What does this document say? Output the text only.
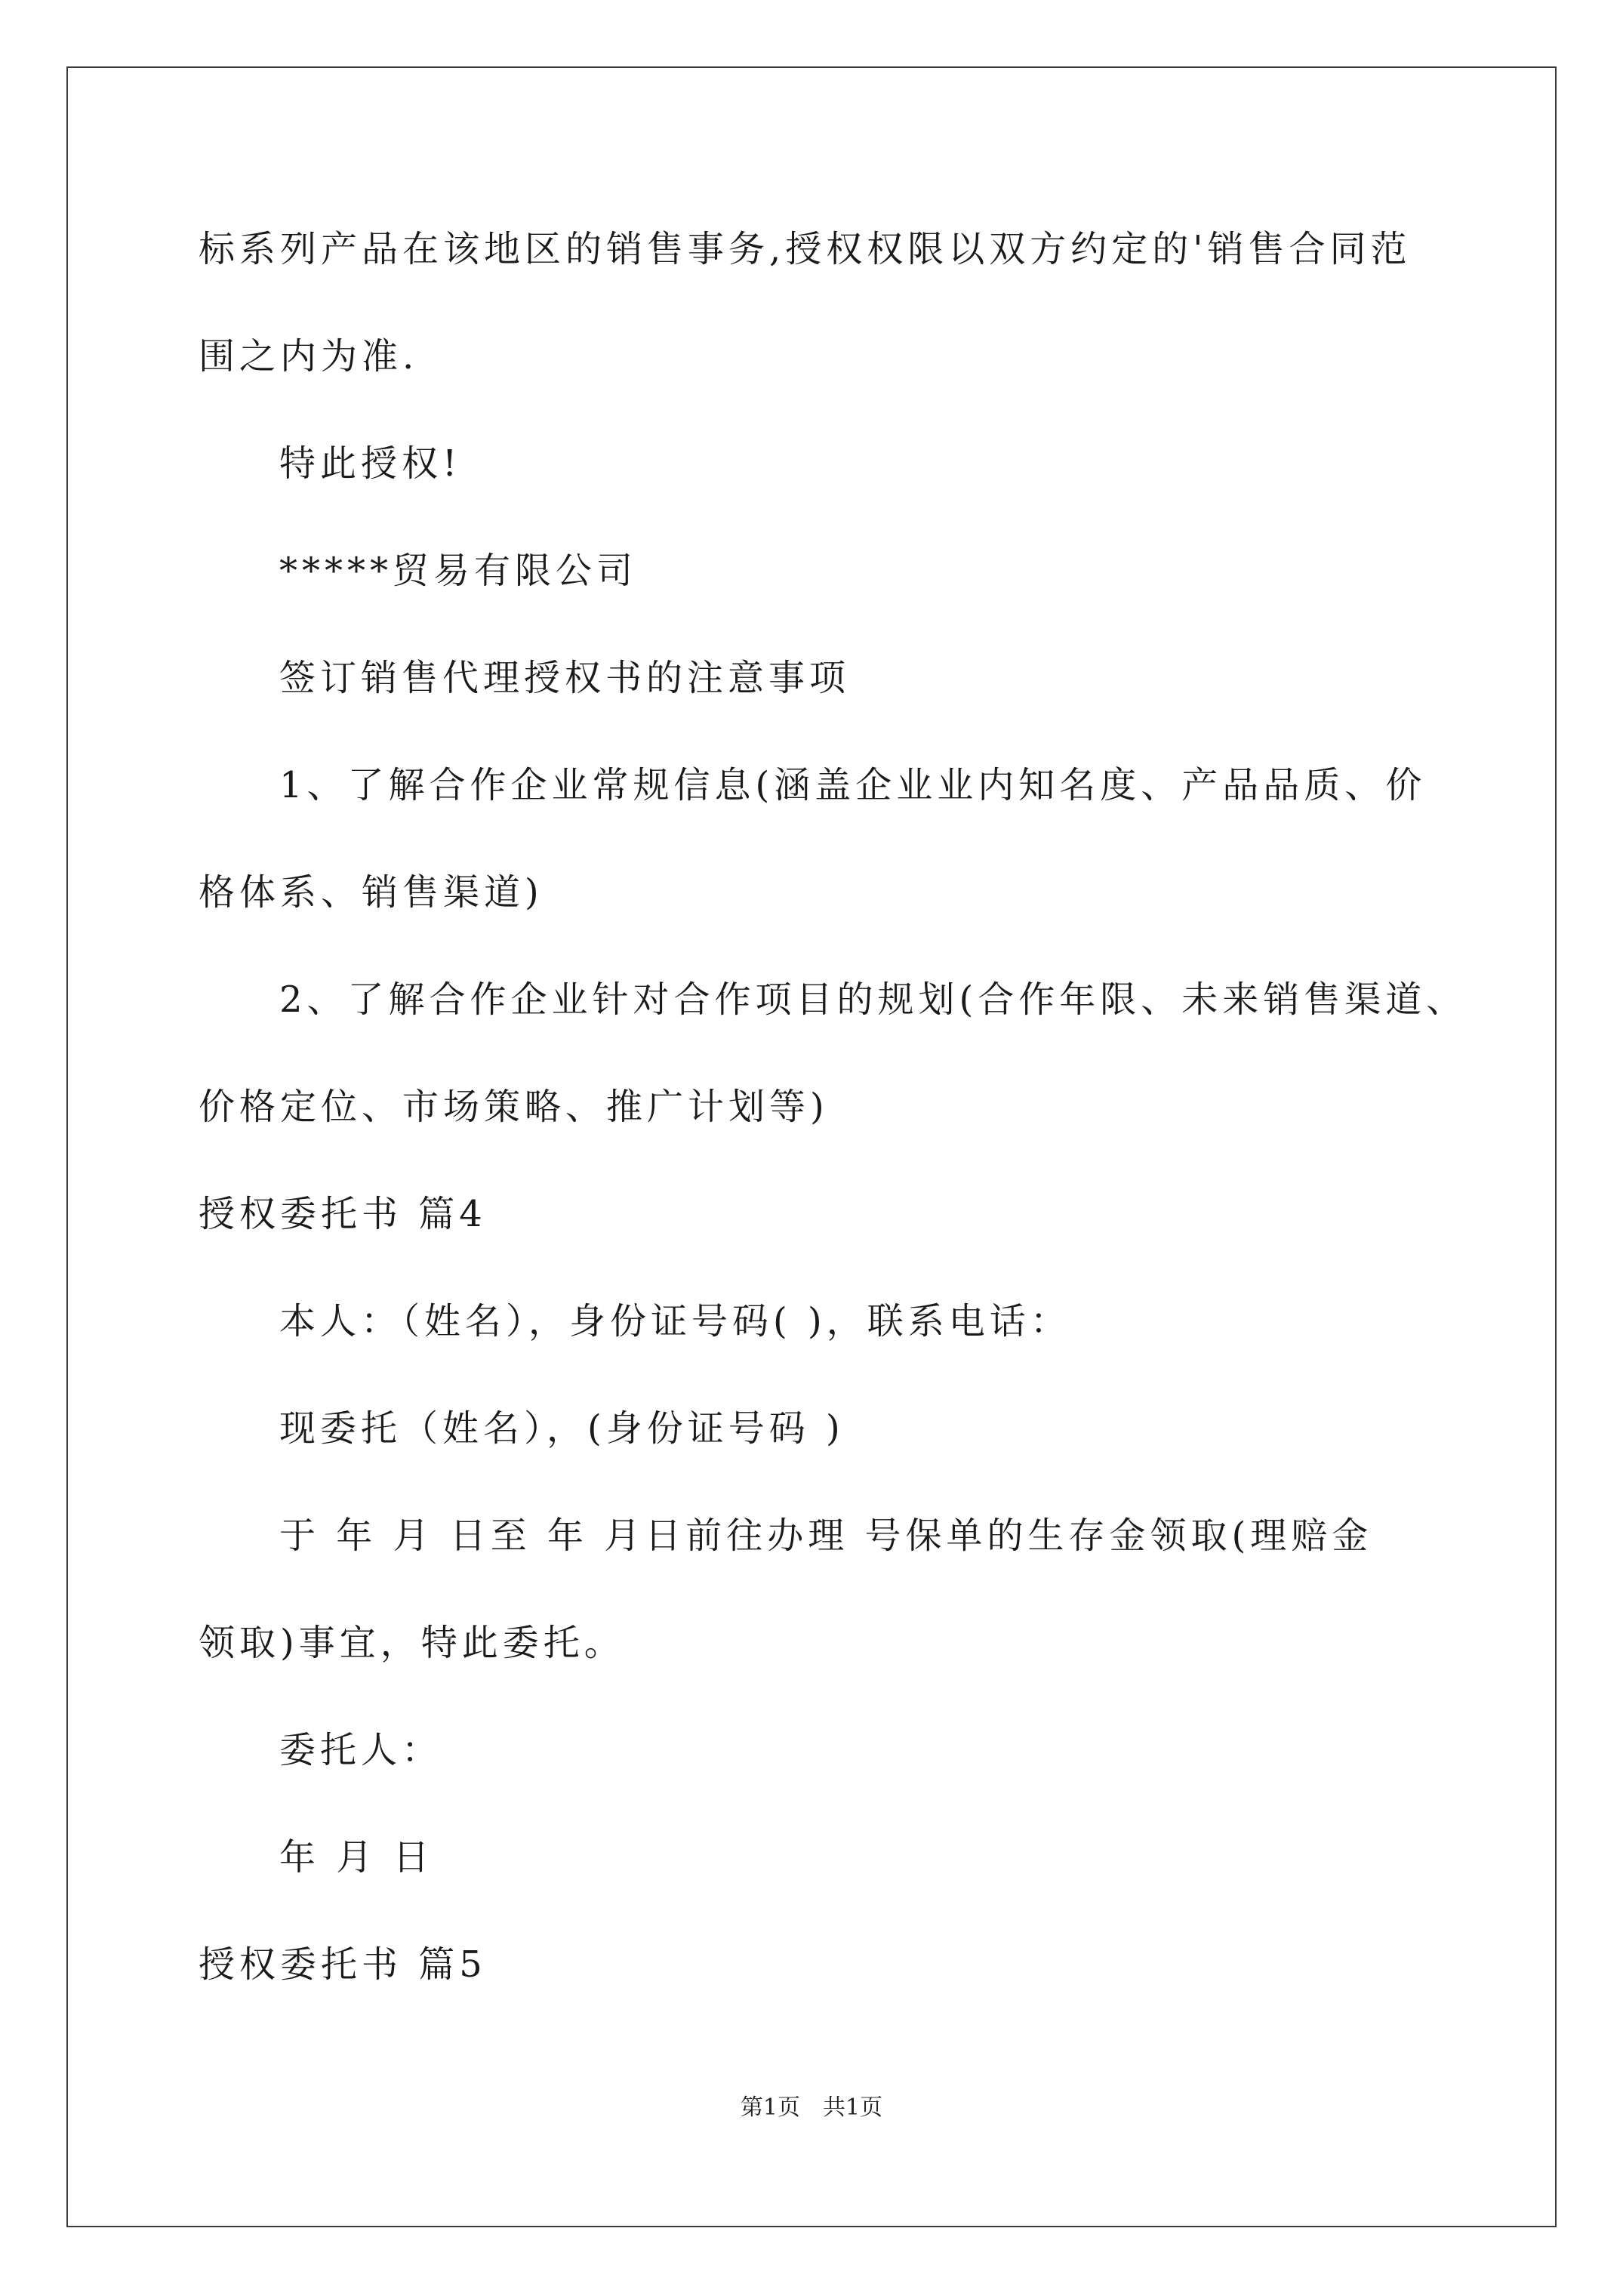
标系列产品在该地区的销售事务,授权权限以双方约定的'销售合同范
围之内为准.
特此授权!
*****贸易有限公司
签订销售代理授权书的注意事项
1、了解合作企业常规信息(涵盖企业业内知名度、产品品质、价
格体系、销售渠道)
2、了解合作企业针对合作项目的规划(合作年限、未来销售渠道、
价格定位、市场策略、推广计划等)
授权委托书 篇4
本人：（姓名），身份证号码( )，联系电话：
现委托（姓名），(身份证号码 )
于 年 月 日至 年 月日前往办理 号保单的生存金领取(理赔金
领取)事宜，特此委托。
委托人：
年 月 日
授权委托书 篇5
第1页　共1页
